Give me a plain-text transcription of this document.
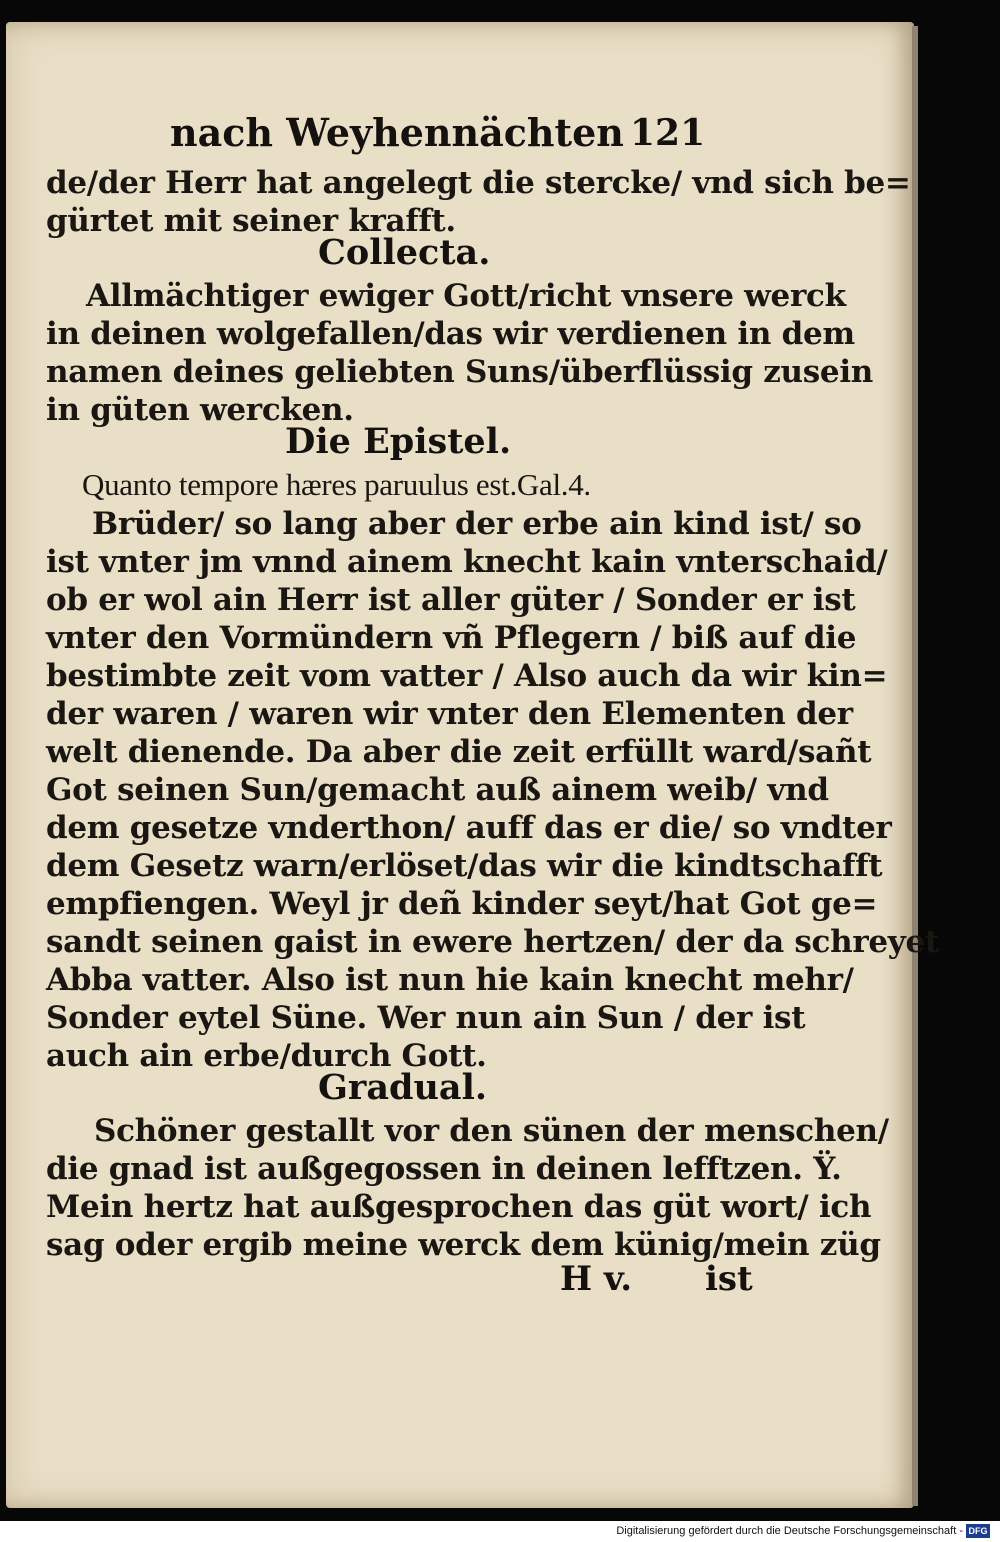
nach Weyhennächten 121

de/der Herr hat angelegt die stercke/ vnd sich be=

gürtet mit seiner krafft.

Collecta.

Allmächtiger ewiger Gott/richt vnsere werck

in deinen wolgefallen/das wir verdienen in dem

namen deines geliebten Suns/überflüssig zusein

in güten wercken.

Die Epistel.

Quanto tempore hæres paruulus est.Gal.4.

Brüder/ so lang aber der erbe ain kind ist/ so

ist vnter jm vnnd ainem knecht kain vnterschaid/

ob er wol ain Herr ist aller güter / Sonder er ist

vnter den Vormündern vñ Pflegern / biß auf die

bestimbte zeit vom vatter / Also auch da wir kin=

der waren / waren wir vnter den Elementen der

welt dienende. Da aber die zeit erfüllt ward/sañt

Got seinen Sun/gemacht auß ainem weib/ vnd

dem gesetze vnderthon/ auff das er die/ so vndter

dem Gesetz warn/erlöset/das wir die kindtschafft

empfiengen. Weyl jr deñ kinder seyt/hat Got ge=

sandt seinen gaist in ewere hertzen/ der da schreyet

Abba vatter. Also ist nun hie kain knecht mehr/

Sonder eytel Süne. Wer nun ain Sun / der ist

auch ain erbe/durch Gott.

Gradual.

Schöner gestallt vor den sünen der menschen/

die gnad ist außgegossen in deinen lefftzen. Ÿ.

Mein hertz hat außgesprochen das güt wort/ ich

sag oder ergib meine werck dem künig/mein züg

H v. ist

Digitalisierung gefördert durch die Deutsche Forschungsgemeinschaft - DFG
